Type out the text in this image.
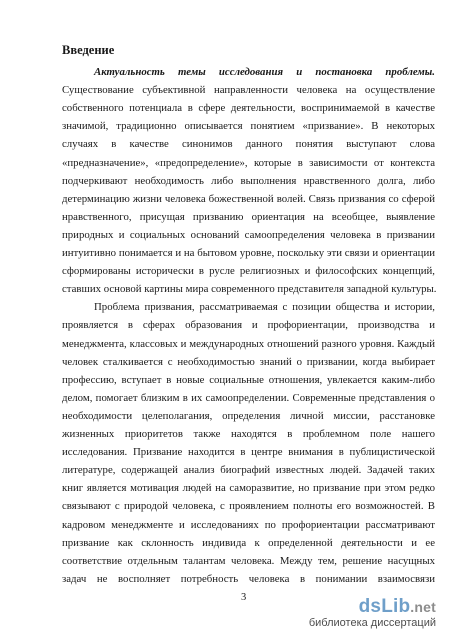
Введение
Актуальность темы исследования и постановка проблемы.
Существование субъективной направленности человека на осуществление
собственного потенциала в сфере деятельности, воспринимаемой в качестве
значимой, традиционно описывается понятием «призвание». В некоторых
случаях в качестве синонимов данного понятия выступают слова
«предназначение», «предопределение», которые в зависимости от контекста
подчеркивают необходимость либо выполнения нравственного долга, либо
детерминацию жизни человека божественной волей. Связь призвания со сферой
нравственного, присущая призванию ориентация на всеобщее, выявление
природных и социальных оснований самоопределения человека в призвании
интуитивно понимается и на бытовом уровне, поскольку эти связи и ориентации
сформированы исторически в русле религиозных и философских концепций,
ставших основой картины мира современного представителя западной культуры.
Проблема призвания, рассматриваемая с позиции общества и истории,
проявляется в сферах образования и профориентации, производства и
менеджмента, классовых и международных отношений разного уровня. Каждый
человек сталкивается с необходимостью знаний о призвании, когда выбирает
профессию, вступает в новые социальные отношения, увлекается каким-либо
делом, помогает близким в их самоопределении. Современные представления о
необходимости целеполагания, определения личной миссии, расстановке
жизненных приоритетов также находятся в проблемном поле нашего
исследования. Призвание находится в центре внимания в публицистической
литературе, содержащей анализ биографий известных людей. Задачей таких
книг является мотивация людей на саморазвитие, но призвание при этом редко
связывают с природой человека, с проявлением полноты его возможностей. В
кадровом менеджменте и исследованиях по профориентации рассматривают
призвание как склонность индивида к определенной деятельности и ее
соответствие отдельным талантам человека. Между тем, решение насущных
задач не восполняет потребность человека в понимании взаимосвязи
3	dsLib.net
библиотека диссертаций
